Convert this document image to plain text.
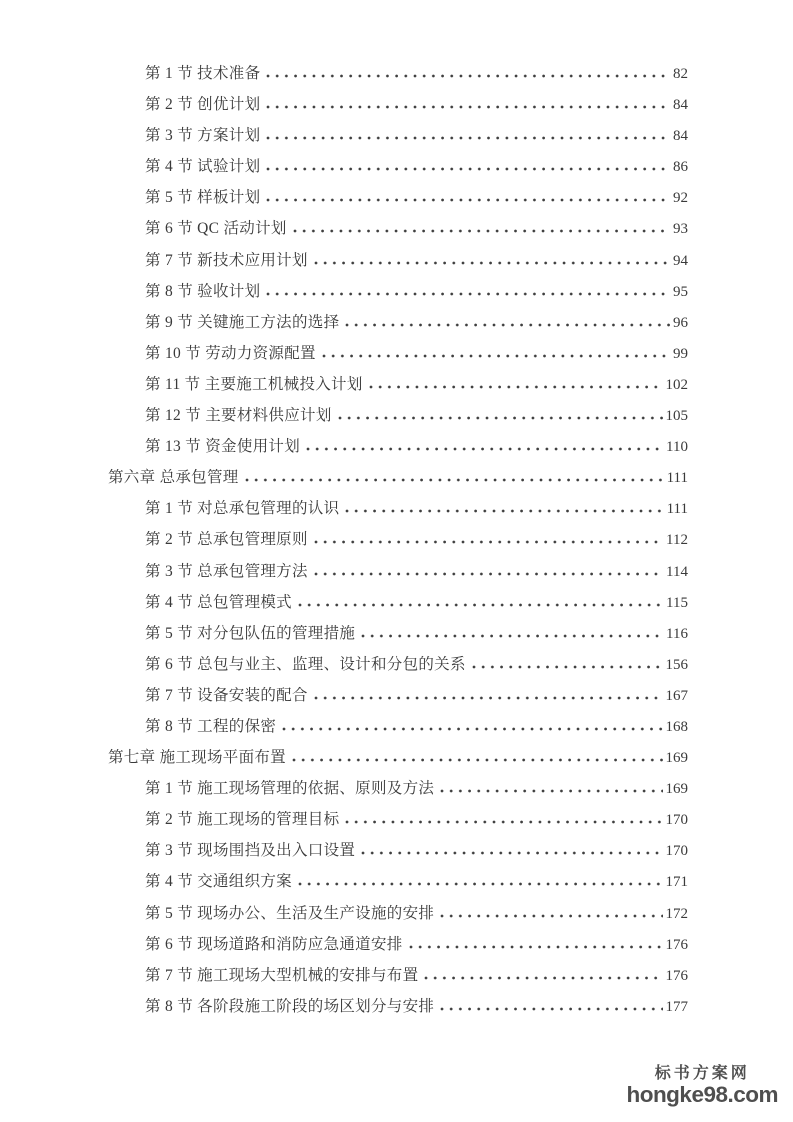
第 1 节 技术准备	82
第 2 节 创优计划	84
第 3 节 方案计划	84
第 4 节 试验计划	86
第 5 节 样板计划	92
第 6 节 QC 活动计划	93
第 7 节 新技术应用计划	94
第 8 节 验收计划	95
第 9 节 关键施工方法的选择	96
第 10 节 劳动力资源配置	99
第 11 节 主要施工机械投入计划	102
第 12 节 主要材料供应计划	105
第 13 节 资金使用计划	110
第六章 总承包管理	111
第 1 节 对总承包管理的认识	111
第 2 节 总承包管理原则	112
第 3 节 总承包管理方法	114
第 4 节 总包管理模式	115
第 5 节 对分包队伍的管理措施	116
第 6 节 总包与业主、监理、设计和分包的关系	156
第 7 节 设备安装的配合	167
第 8 节 工程的保密	168
第七章 施工现场平面布置	169
第 1 节 施工现场管理的依据、原则及方法	169
第 2 节 施工现场的管理目标	170
第 3 节 现场围挡及出入口设置	170
第 4 节 交通组织方案	171
第 5 节 现场办公、生活及生产设施的安排	172
第 6 节 现场道路和消防应急通道安排	176
第 7 节 施工现场大型机械的安排与布置	176
第 8 节 各阶段施工阶段的场区划分与安排	177
标书方案网
hongke98.com
